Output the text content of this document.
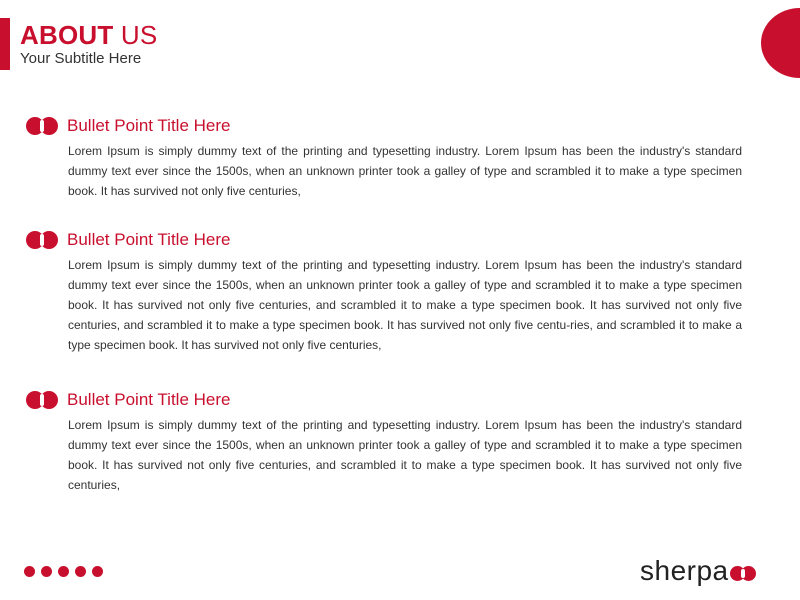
ABOUT US
Your Subtitle Here
Bullet Point Title Here
Lorem Ipsum is simply dummy text of the printing and typesetting industry. Lorem Ipsum has been the industry's standard dummy text ever since the 1500s, when an unknown printer took a galley of type and scrambled it to make a type specimen book. It has survived not only five centuries,
Bullet Point Title Here
Lorem Ipsum is simply dummy text of the printing and typesetting industry. Lorem Ipsum has been the industry's standard dummy text ever since the 1500s, when an unknown printer took a galley of type and scrambled it to make a type specimen book. It has survived not only five centuries, and scrambled it to make a type specimen book. It has survived not only five centuries, and scrambled it to make a type specimen book. It has survived not only five centu-ries, and scrambled it to make a type specimen book. It has survived not only five centuries,
Bullet Point Title Here
Lorem Ipsum is simply dummy text of the printing and typesetting industry. Lorem Ipsum has been the industry's standard dummy text ever since the 1500s, when an unknown printer took a galley of type and scrambled it to make a type specimen book. It has survived not only five centuries, and scrambled it to make a type specimen book. It has survived not only five centuries,
sherpa
